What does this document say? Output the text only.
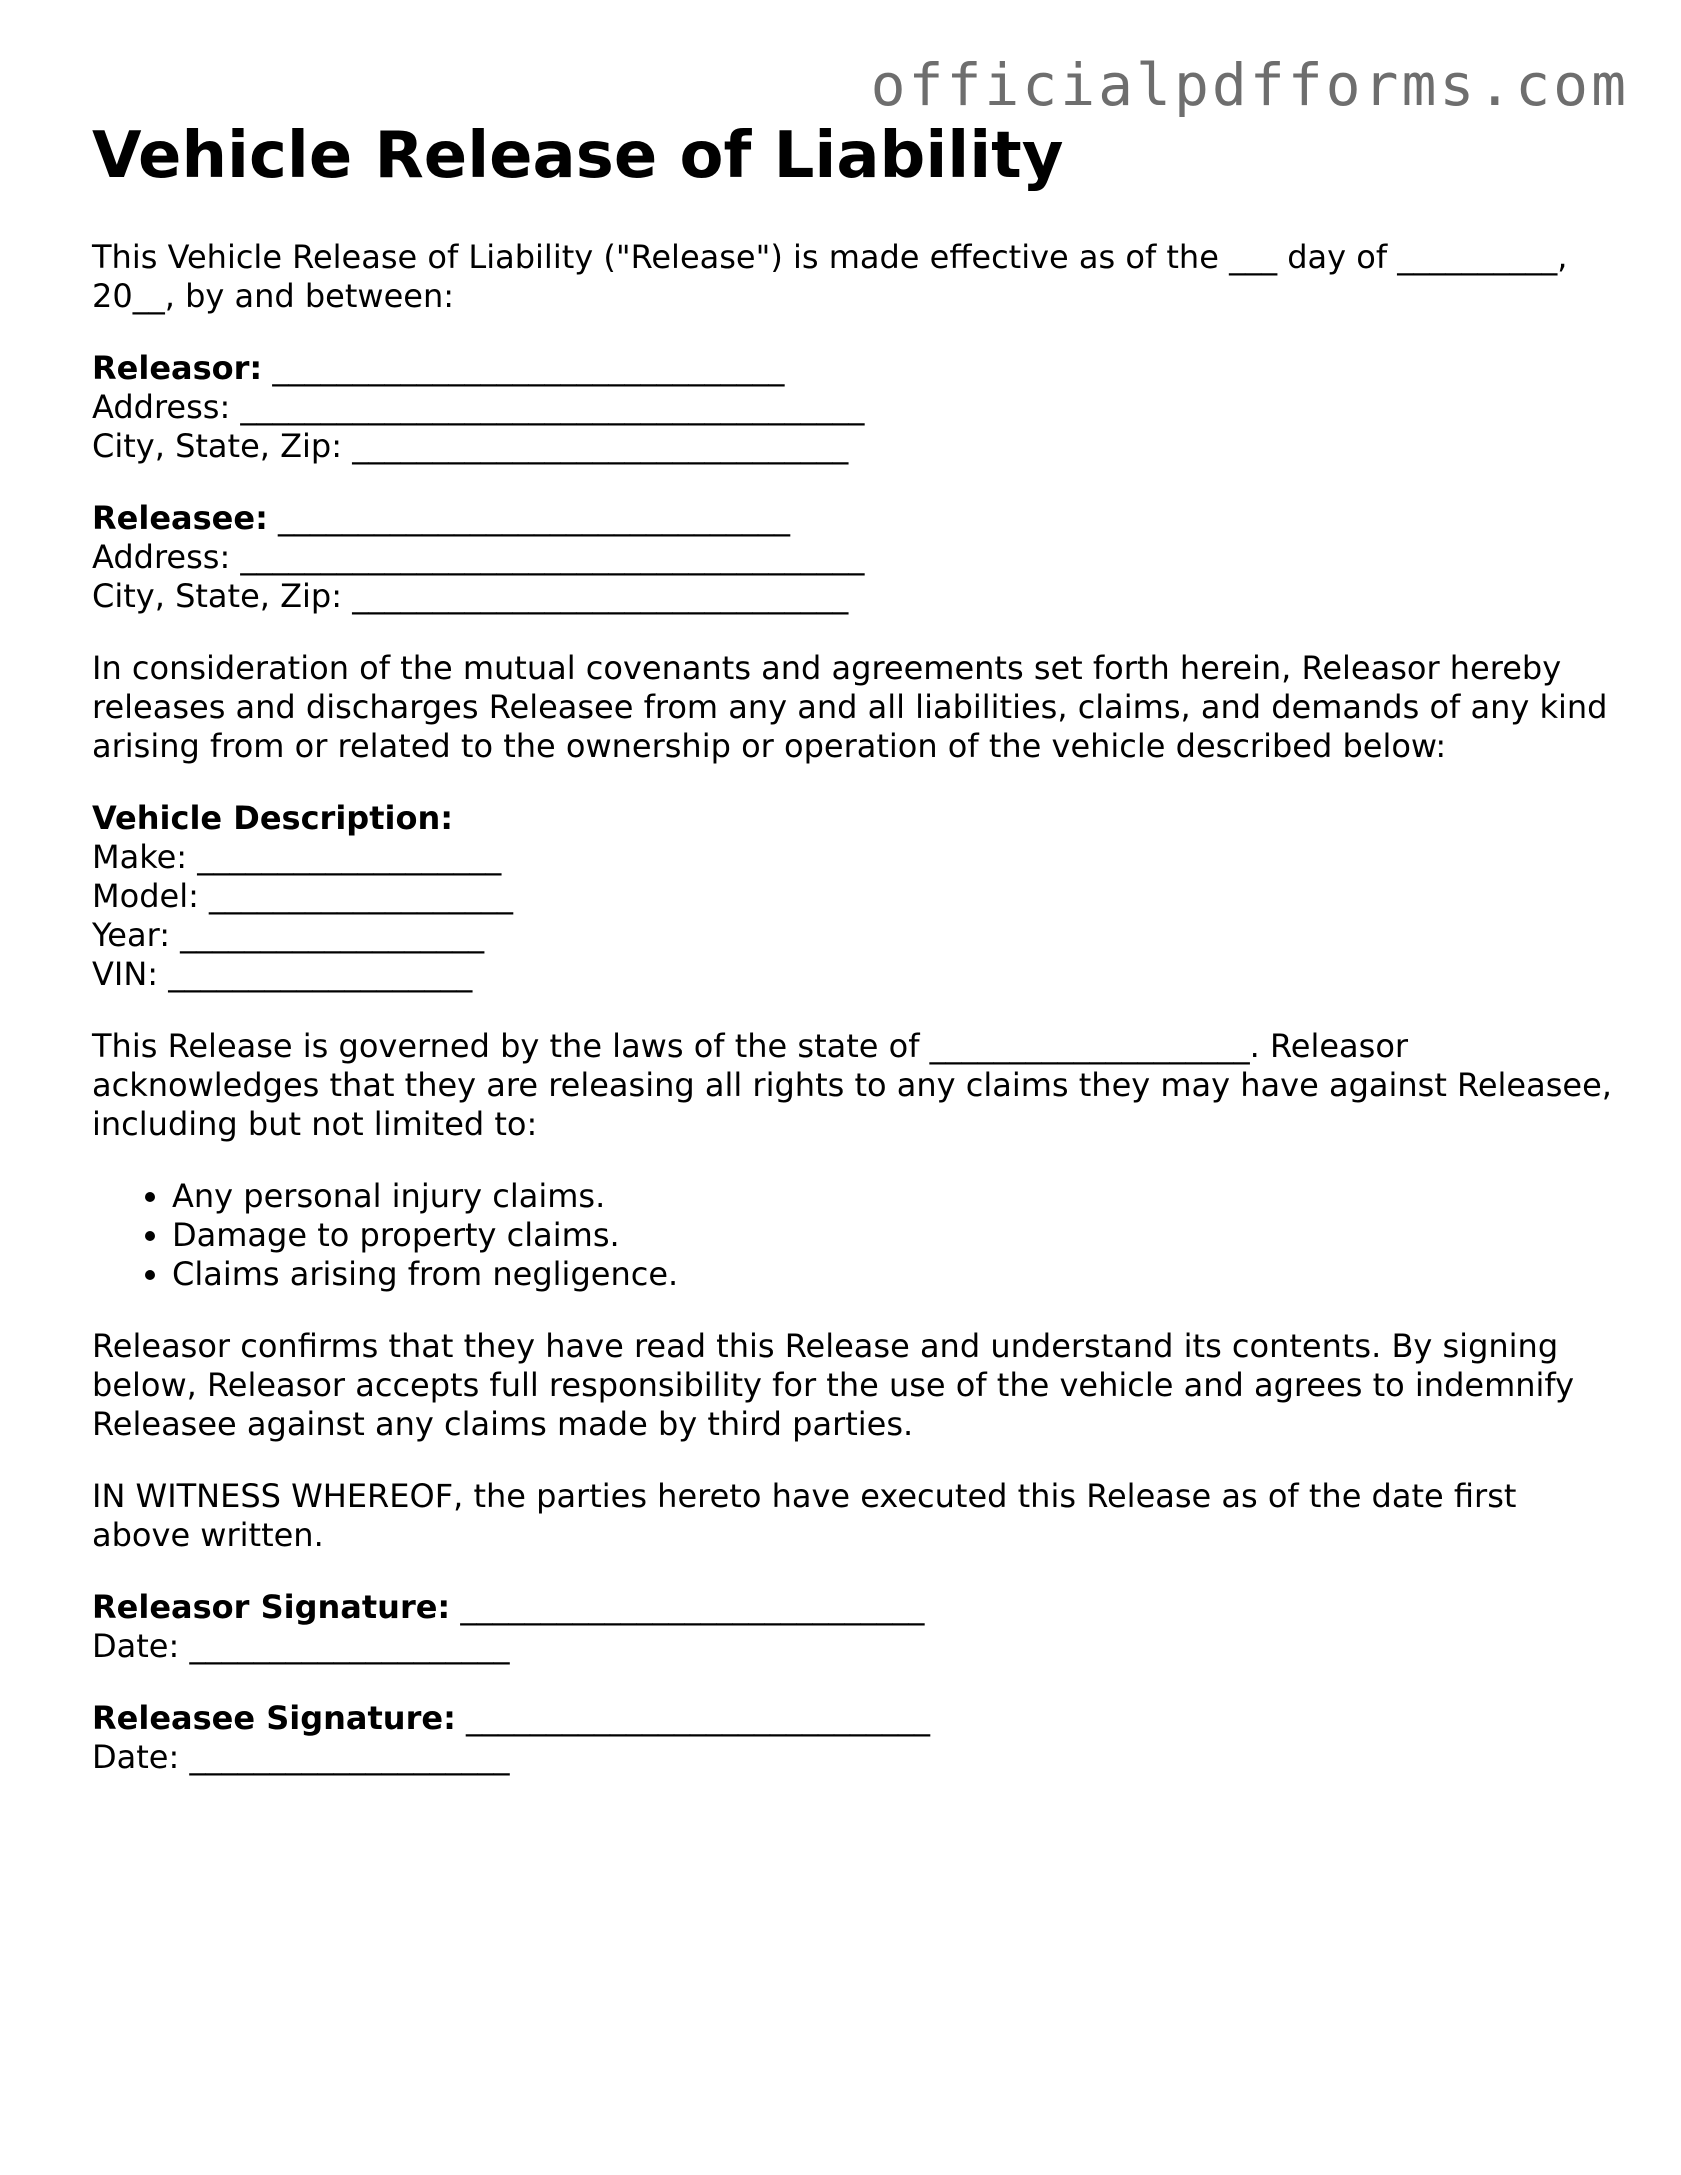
officialpdfforms.com
Vehicle Release of Liability

This Vehicle Release of Liability ("Release") is made effective as of the ___ day of __________, 20__, by and between:

Releasor: ________________________________
Address: _______________________________________
City, State, Zip: _______________________________
Releasee: ________________________________
Address: _______________________________________
City, State, Zip: _______________________________

In consideration of the mutual covenants and agreements set forth herein, Releasor hereby releases and discharges Releasee from any and all liabilities, claims, and demands of any kind arising from or related to the ownership or operation of the vehicle described below:

Vehicle Description:
Make: ___________________
Model: ___________________
Year: ___________________
VIN: ___________________

This Release is governed by the laws of the state of ____________________. Releasor acknowledges that they are releasing all rights to any claims they may have against Releasee, including but not limited to:

• Any personal injury claims.
• Damage to property claims.
• Claims arising from negligence.

Releasor confirms that they have read this Release and understand its contents. By signing below, Releasor accepts full responsibility for the use of the vehicle and agrees to indemnify Releasee against any claims made by third parties.

IN WITNESS WHEREOF, the parties hereto have executed this Release as of the date first above written.

Releasor Signature: _____________________________
Date: ____________________
Releasee Signature: _____________________________
Date: ____________________
